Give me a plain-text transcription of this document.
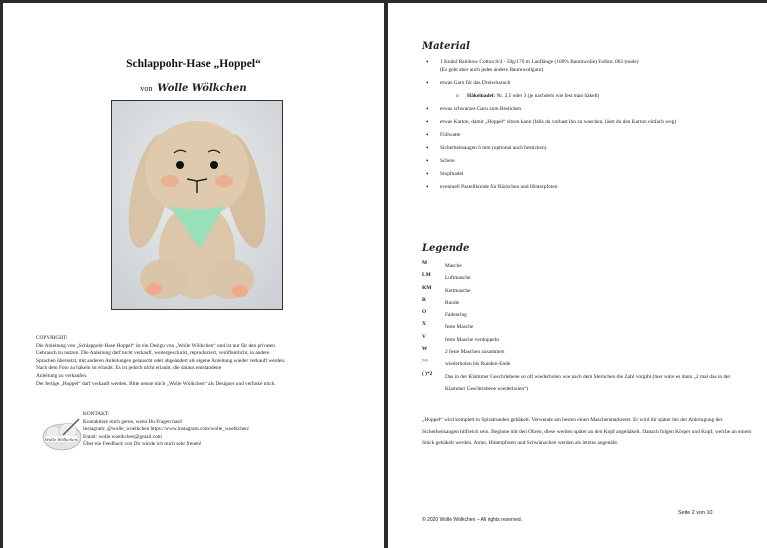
Schlappohr-Hase „Hoppel“
von Wolle Wölkchen
COPYRIGHT:
Die Anleitung von „Schlappohr-Hase Hoppel“ ist ein Design von „Wolle Wölkchen“ und ist nur für den privaten
Gebrauch zu nutzen. Die Anleitung darf nicht verkauft, weitergeschickt, reproduziert, veröffentlicht, in andere
Sprachen übersetzt, mit anderen Anleitungen getauscht oder abgeändert als eigene Anleitung wieder verkauft werden.
Nach dem Foto zu häkeln ist erlaubt. Es ist jedoch nicht erlaubt, die daraus entstandene
Anleitung zu verkaufen.
Der fertige „Hoppel“ darf verkauft werden. Bitte nenne mich „Wolle Wölkchen“ als Designer und verlinke mich.
Wolle Wölkchen
KONTAKT:
Kontaktiere mich gerne, wenn Du Fragen hast!
Instagram: @wolle_woelkchen https://www.instagram.com/wolle_woelkchen/
Email: wolle.woelkchen@gmail.com
Über ein Feedback von Dir würde ich mich sehr freuen!
Material
• 1 Knäul Rainbow Cotton 8/4 - 50g/170 m Lauflänge (100% Baumwolle) Farbnr. 003 (nude)
(Es geht aber auch jedes andere Baumwollgarn)
• etwas Garn für das Dreieckstuch
o Häkelnadel: Nr. 2,5 oder 3 (je nachdem wie fest man häkelt)
• etwas schwarzes Garn zum Besticken
• etwas Karton, damit „Hoppel“ sitzen kann (falls du vorhast ihn zu waschen, lässt du den Karton einfach weg)
• Füllwatte
• Sicherheitsaugen 6 mm (optional auch besticken)
• Schere
• Stopfnadel
• eventuell Pastellkreide für Bäckchen und Hinterpfoten
Legende
M	Masche
LM	Luftmasche
KM	Kettmasche
R	Runde
O	Fadenring
X	feste Masche
V	feste Masche verdoppeln
W	2 feste Maschen zusammen
>>	wiederholen bis Runden-Ende
( )*2	Das in der Klammer Geschriebene so oft wiederholen wie nach dem Sternchen die Zahl vorgibt (hier wäre es dann „2 mal das in der Klammer Geschriebene wiederholen“)
„Hoppel“ wird komplett in Spiralrunden gehäkelt. Verwende am besten einen Maschenmarkierer. Er wird dir später bei der Anbringung der Sicherheitsaugen hilfreich sein. Beginne mit den Ohren, diese werden später an den Kopf angehäkelt. Danach folgen Körper und Kopf, welche an einem Stück gehäkelt werden. Arme, Hinterpfoten und Schwänzchen werden als letztes angenäht.
Seite 2 von 10
© 2020 Wolle Wölkchen – All rights reserved.
